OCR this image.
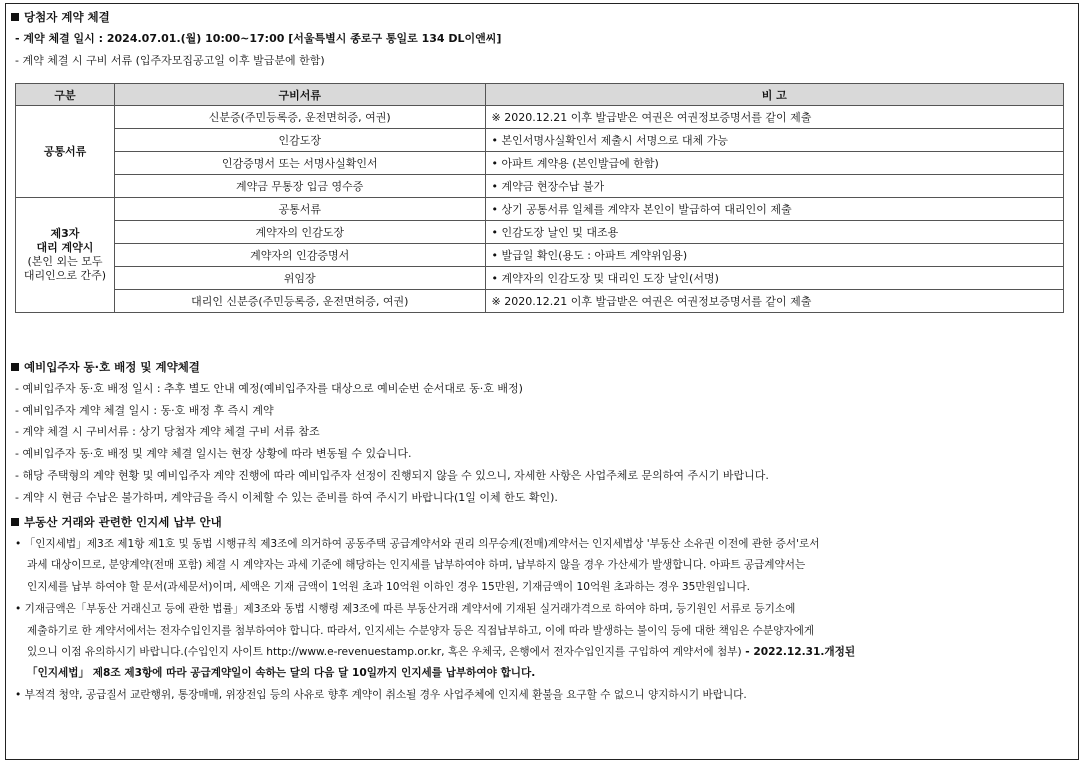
당첨자 계약 체결
- 계약 체결 일시 : 2024.07.01.(월) 10:00~17:00 [서울특별시 종로구 통일로 134 DL이앤씨]
- 계약 체결 시 구비 서류 (입주자모집공고일 이후 발급분에 한함)
구분	구비서류	비 고

공통서류	신분증(주민등록증, 운전면허증, 여권)	※ 2020.12.21 이후 발급받은 여권은 여권정보증명서를 같이 제출
	인감도장	• 본인서명사실확인서 제출시 서명으로 대체 가능
	인감증명서 또는 서명사실확인서	• 아파트 계약용 (본인발급에 한함)
	계약금 무통장 입금 영수증	• 계약금 현장수납 불가

제3자
대리 계약시
(본인 외는 모두
대리인으로 간주)	공통서류	• 상기 공통서류 일체를 계약자 본인이 발급하여 대리인이 제출
	계약자의 인감도장	• 인감도장 날인 및 대조용
	계약자의 인감증명서	• 발급일 확인(용도 : 아파트 계약위임용)
	위임장	• 계약자의 인감도장 및 대리인 도장 날인(서명)
	대리인 신분증(주민등록증, 운전면허증, 여권)	※ 2020.12.21 이후 발급받은 여권은 여권정보증명서를 같이 제출
예비입주자 동·호 배정 및 계약체결
- 예비입주자 동·호 배정 일시 : 추후 별도 안내 예정(예비입주자를 대상으로 예비순번 순서대로 동·호 배정)
- 예비입주자 계약 체결 일시 : 동·호 배정 후 즉시 계약
- 계약 체결 시 구비서류 : 상기 당첨자 계약 체결 구비 서류 참조
- 예비입주자 동·호 배정 및 계약 체결 일시는 현장 상황에 따라 변동될 수 있습니다.
- 해당 주택형의 계약 현황 및 예비입주자 계약 진행에 따라 예비입주자 선정이 진행되지 않을 수 있으니, 자세한 사항은 사업주체로 문의하여 주시기 바랍니다.
- 계약 시 현금 수납은 불가하며, 계약금을 즉시 이체할 수 있는 준비를 하여 주시기 바랍니다(1일 이체 한도 확인).
부동산 거래와 관련한 인지세 납부 안내
• 「인지세법」제3조 제1항 제1호 및 동법 시행규칙 제3조에 의거하여 공동주택 공급계약서와 권리 의무승계(전매)계약서는 인지세법상 '부동산 소유권 이전에 관한 증서'로서
과세 대상이므로, 분양계약(전매 포함) 체결 시 계약자는 과세 기준에 해당하는 인지세를 납부하여야 하며, 납부하지 않을 경우 가산세가 발생합니다. 아파트 공급계약서는
인지세를 납부 하여야 할 문서(과세문서)이며, 세액은 기재 금액이 1억원 초과 10억원 이하인 경우 15만원, 기재금액이 10억원 초과하는 경우 35만원입니다.
• 기재금액은「부동산 거래신고 등에 관한 법률」제3조와 동법 시행령 제3조에 따른 부동산거래 계약서에 기재된 실거래가격으로 하여야 하며, 등기원인 서류로 등기소에
제출하기로 한 계약서에서는 전자수입인지를 첨부하여야 합니다. 따라서, 인지세는 수분양자 등은 직접납부하고, 이에 따라 발생하는 불이익 등에 대한 책임은 수분양자에게
있으니 이점 유의하시기 바랍니다.(수입인지 사이트 http://www.e-revenuestamp.or.kr, 혹은 우체국, 은행에서 전자수입인지를 구입하여 계약서에 첨부) - 2022.12.31.개정된
「인지세법」 제8조 제3항에 따라 공급계약일이 속하는 달의 다음 달 10일까지 인지세를 납부하여야 합니다.
• 부적격 청약, 공급질서 교란행위, 통장매매, 위장전입 등의 사유로 향후 계약이 취소될 경우 사업주체에 인지세 환불을 요구할 수 없으니 양지하시기 바랍니다.
